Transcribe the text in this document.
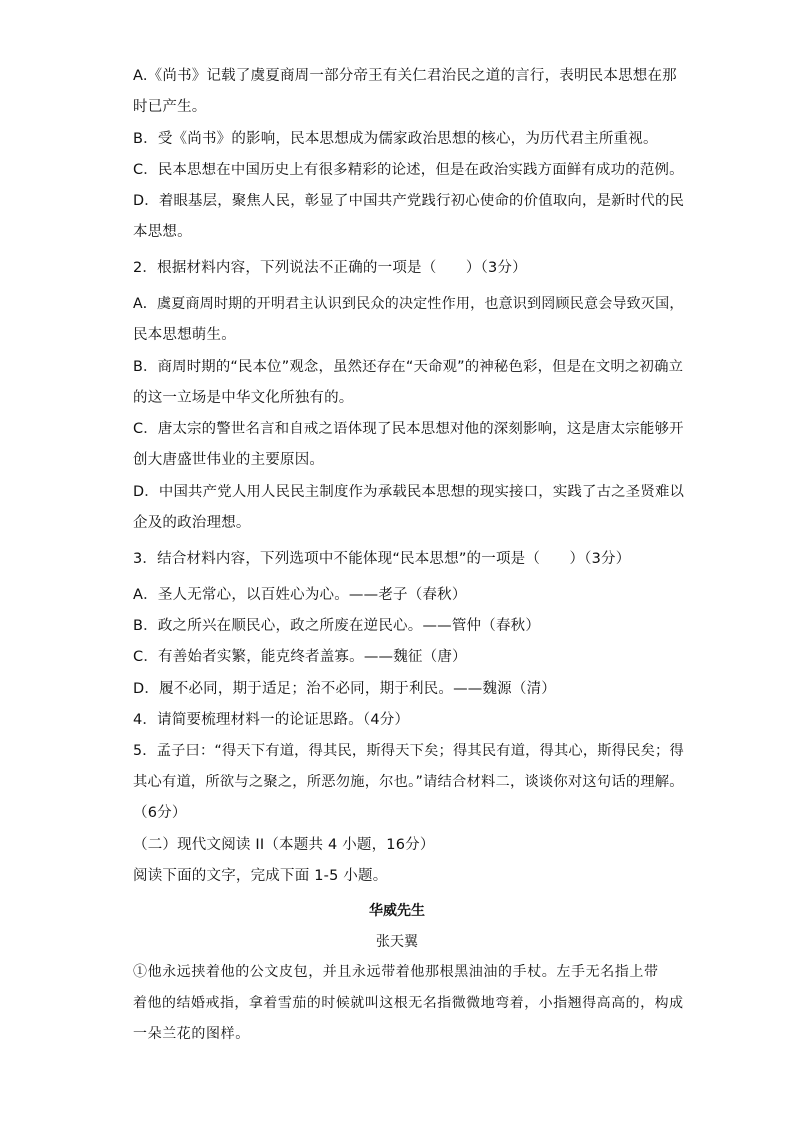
A.《尚书》记载了虞夏商周一部分帝王有关仁君治民之道的言行，表明民本思想在那
时已产生。
B．受《尚书》的影响，民本思想成为儒家政治思想的核心，为历代君主所重视。
C．民本思想在中国历史上有很多精彩的论述，但是在政治实践方面鲜有成功的范例。
D．着眼基层，聚焦人民，彰显了中国共产党践行初心使命的价值取向，是新时代的民
本思想。
2．根据材料内容，下列说法不正确的一项是（　　）（3分）
A．虞夏商周时期的开明君主认识到民众的决定性作用，也意识到罔顾民意会导致灭国，
民本思想萌生。
B．商周时期的“民本位”观念，虽然还存在“天命观”的神秘色彩，但是在文明之初确立
的这一立场是中华文化所独有的。
C．唐太宗的警世名言和自戒之语体现了民本思想对他的深刻影响，这是唐太宗能够开
创大唐盛世伟业的主要原因。
D．中国共产党人用人民民主制度作为承载民本思想的现实接口，实践了古之圣贤难以
企及的政治理想。
3．结合材料内容，下列选项中不能体现“民本思想”的一项是（　　）（3分）
A．圣人无常心，以百姓心为心。——老子（春秋）
B．政之所兴在顺民心，政之所废在逆民心。——管仲（春秋）
C．有善始者实繁，能克终者盖寡。——魏征（唐）
D．履不必同，期于适足；治不必同，期于利民。——魏源（清）
4．请简要梳理材料一的论证思路。（4分）
5．孟子曰：“得天下有道，得其民，斯得天下矣；得其民有道，得其心，斯得民矣；得
其心有道，所欲与之聚之，所恶勿施，尔也。”请结合材料二，谈谈你对这句话的理解。
（6分）
（二）现代文阅读 II（本题共 4 小题，16分）
阅读下面的文字，完成下面 1-5 小题。
华威先生
张天翼
①他永远挟着他的公文皮包，并且永远带着他那根黑油油的手杖。左手无名指上带
着他的结婚戒指，拿着雪茄的时候就叫这根无名指微微地弯着，小指翘得高高的，构成
一朵兰花的图样。
